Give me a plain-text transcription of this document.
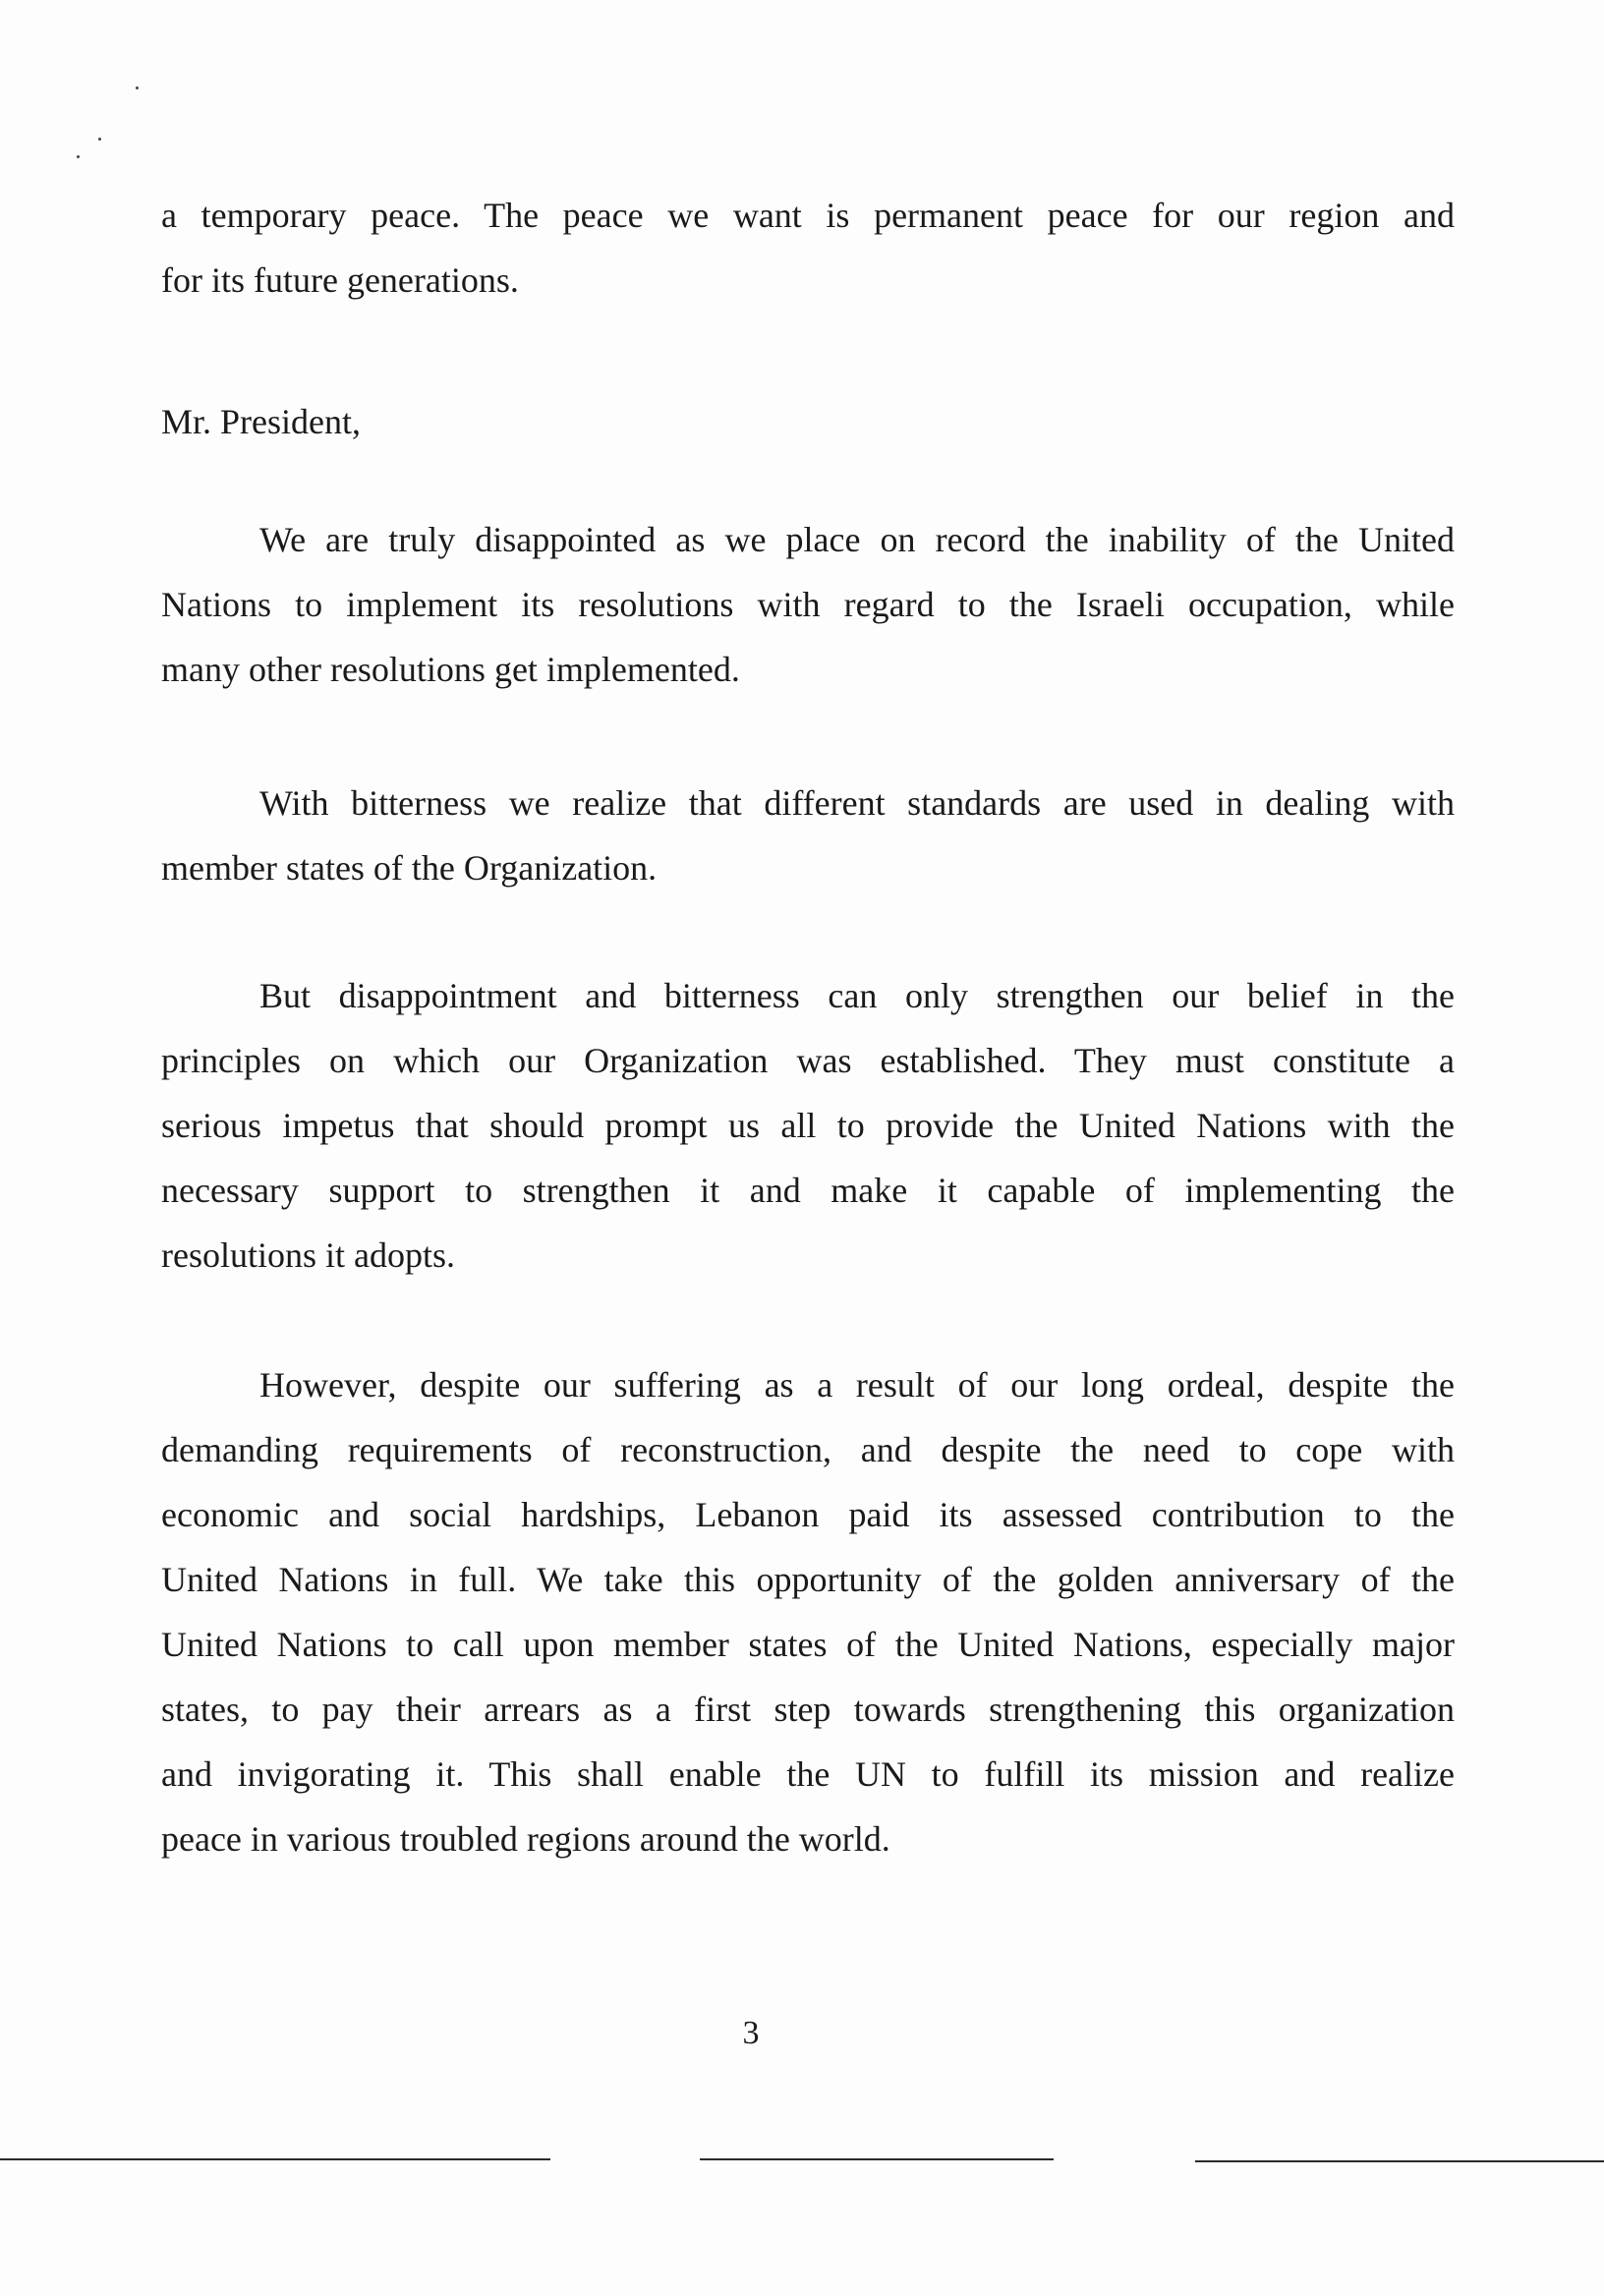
a temporary peace. The peace we want is permanent peace for our region and
for its future generations.
Mr. President,
We are truly disappointed as we place on record the inability of the United
Nations to implement its resolutions with regard to the Israeli occupation, while
many other resolutions get implemented.
With bitterness we realize that different standards are used in dealing with
member states of the Organization.
But disappointment and bitterness can only strengthen our belief in the
principles on which our Organization was established. They must constitute a
serious impetus that should prompt us all to provide the United Nations with the
necessary support to strengthen it and make it capable of implementing the
resolutions it adopts.
However, despite our suffering as a result of our long ordeal, despite the
demanding requirements of reconstruction, and despite the need to cope with
economic and social hardships, Lebanon paid its assessed contribution to the
United Nations in full. We take this opportunity of the golden anniversary of the
United Nations to call upon member states of the United Nations, especially major
states, to pay their arrears as a first step towards strengthening this organization
and invigorating it. This shall enable the UN to fulfill its mission and realize
peace in various troubled regions around the world.
3
